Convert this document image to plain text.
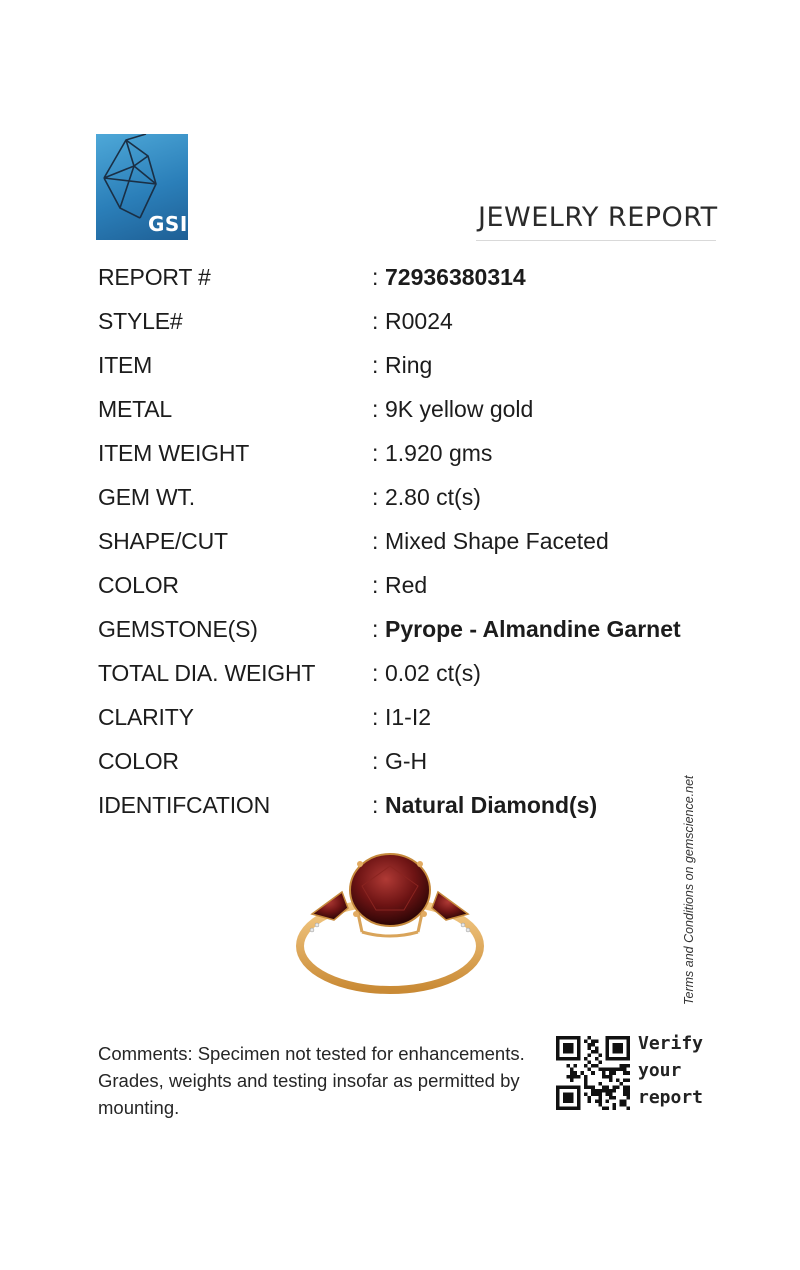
GSI	JEWELRY REPORT
REPORT #	: 72936380314
STYLE#	: R0024
ITEM	: Ring
METAL	: 9K yellow gold
ITEM WEIGHT	: 1.920 gms
GEM WT.	: 2.80 ct(s)
SHAPE/CUT	: Mixed Shape Faceted
COLOR	: Red
GEMSTONE(S)	: Pyrope - Almandine Garnet
TOTAL DIA. WEIGHT : 0.02 ct(s)
CLARITY	: I1-I2
COLOR	: G-H
IDENTIFCATION	: Natural Diamond(s)	Terms and Conditions on gemscience.net
Comments: Specimen not tested for enhancements. Grades, weights and testing insofar as permitted by mounting.
Verify
your
report
